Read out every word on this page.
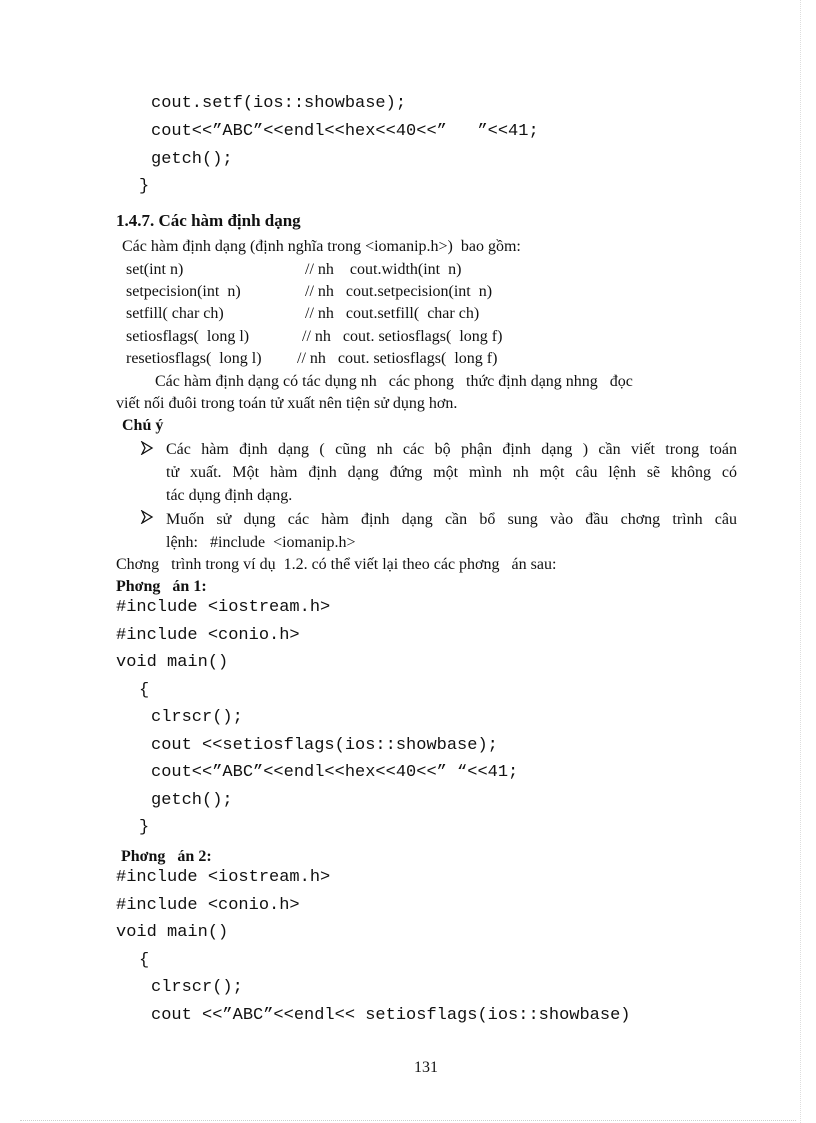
cout.setf(ios::showbase);
cout<<”ABC”<<endl<<hex<<40<<”   ”<<41;
getch();
}
1.4.7. Các hàm định dạng
Các hàm định dạng (định nghĩa trong <iomanip.h>)  bao gồm:
set(int n)	// nh    cout.width(int  n)
setpecision(int  n)	// nh   cout.setpecision(int  n)
setfill( char ch)	// nh   cout.setfill(  char ch)
setiosflags(  long l)	// nh   cout. setiosflags(  long f)
resetiosflags(  long l) // nh   cout. setiosflags(  long f)
Các hàm định dạng có tác dụng nh   các phong   thức định dạng nhng   đọc
viết nối đuôi trong toán tử xuất nên tiện sử dụng hơn.
Chú ý
Các hàm định dạng ( cũng nh các bộ phận định dạng ) cần viết trong toán
tử xuất. Một hàm định dạng đứng một mình nh một câu lệnh sẽ không có
tác dụng định dạng.
Muốn sử dụng các hàm định dạng cần bổ sung vào đầu chơng trình câu
lệnh:   #include  <iomanip.h>
Chơng   trình trong ví dụ  1.2. có thể viết lại theo các phơng   án sau:
Phơng   án 1:
#include <iostream.h>
#include <conio.h>
void main()
{
clrscr();
cout <<setiosflags(ios::showbase);
cout<<”ABC”<<endl<<hex<<40<<” “<<41;
getch();
}
Phơng   án 2:
#include <iostream.h>
#include <conio.h>
void main()
{
clrscr();
cout <<”ABC”<<endl<< setiosflags(ios::showbase)
131
